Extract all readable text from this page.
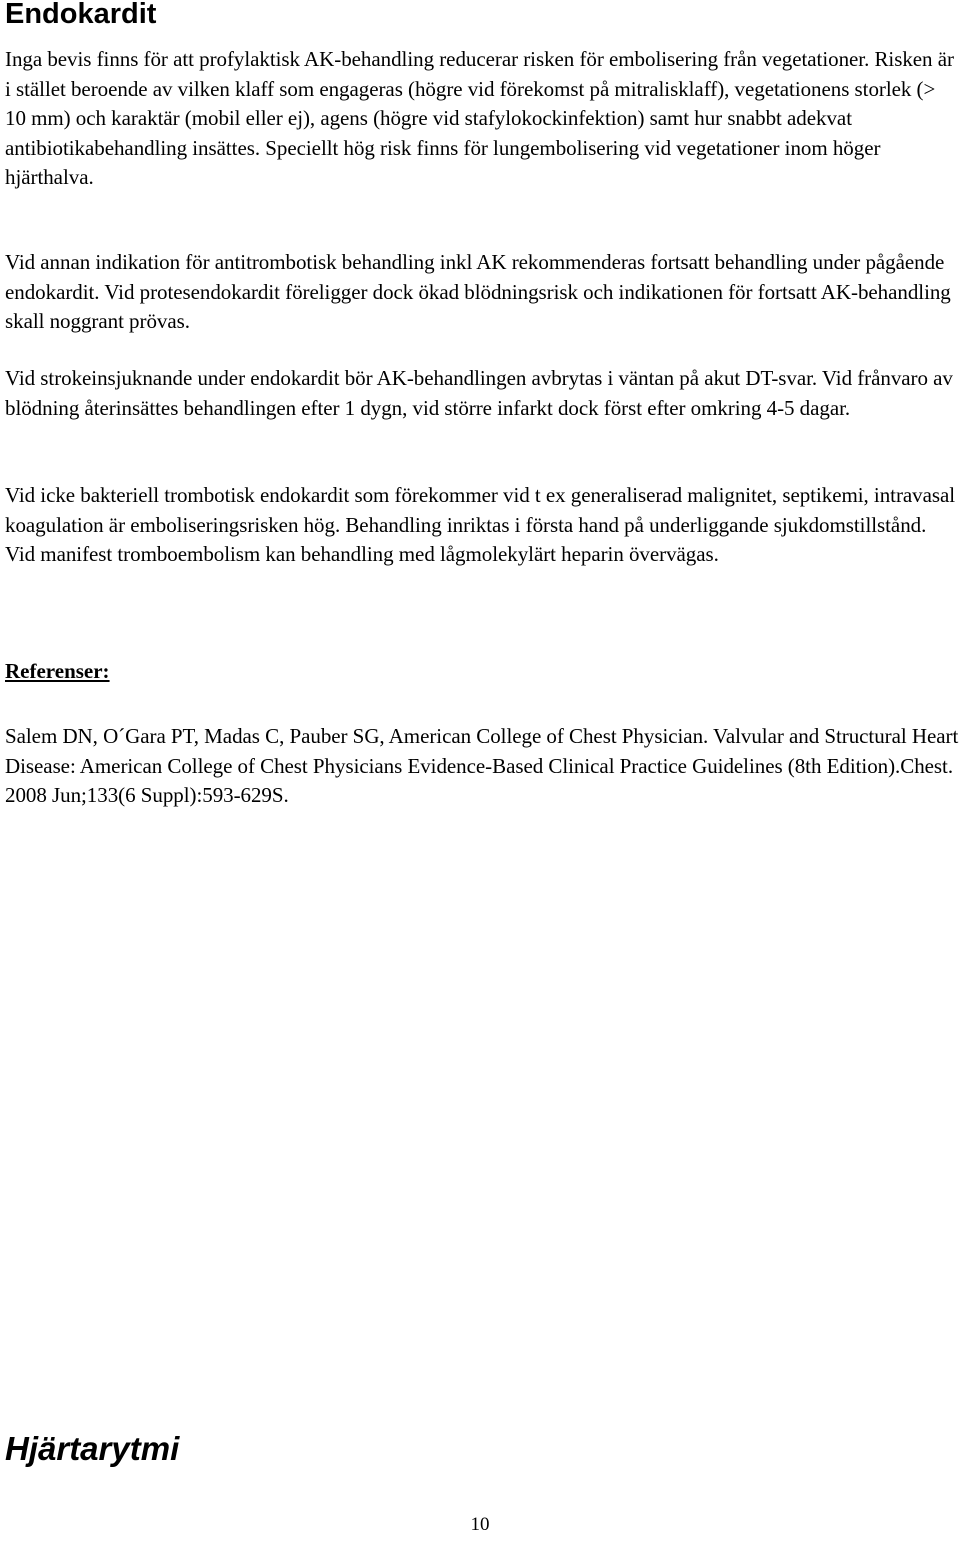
Endokardit

Inga bevis finns för att profylaktisk AK-behandling reducerar risken för embolisering från vegetationer. Risken är i stället beroende av vilken klaff som engageras (högre vid förekomst på mitralisklaff), vegetationens storlek (> 10 mm) och karaktär (mobil eller ej), agens (högre vid stafylokockinfektion) samt hur snabbt adekvat antibiotikabehandling insättes. Speciellt hög risk finns för lungembolisering vid vegetationer inom höger hjärthalva.

Vid annan indikation för antitrombotisk behandling inkl AK rekommenderas fortsatt behandling under pågående endokardit. Vid protesendokardit föreligger dock ökad blödningsrisk och indikationen för fortsatt AK-behandling skall noggrant prövas.

Vid strokeinsjuknande under endokardit bör AK-behandlingen avbrytas i väntan på akut DT-svar. Vid frånvaro av blödning återinsättes behandlingen efter 1 dygn, vid större infarkt dock först efter omkring 4-5 dagar.

Vid icke bakteriell trombotisk endokardit som förekommer vid t ex generaliserad malignitet, septikemi, intravasal koagulation är emboliseringsrisken hög. Behandling inriktas i första hand på underliggande sjukdomstillstånd. Vid manifest tromboembolism kan behandling med lågmolekylärt heparin övervägas.

Referenser:

Salem DN, O´Gara PT, Madas C, Pauber SG, American College of Chest Physician. Valvular and Structural Heart Disease: American College of Chest Physicians Evidence-Based Clinical Practice Guidelines (8th Edition).Chest. 2008 Jun;133(6 Suppl):593-629S.

Hjärtarytmi
10
